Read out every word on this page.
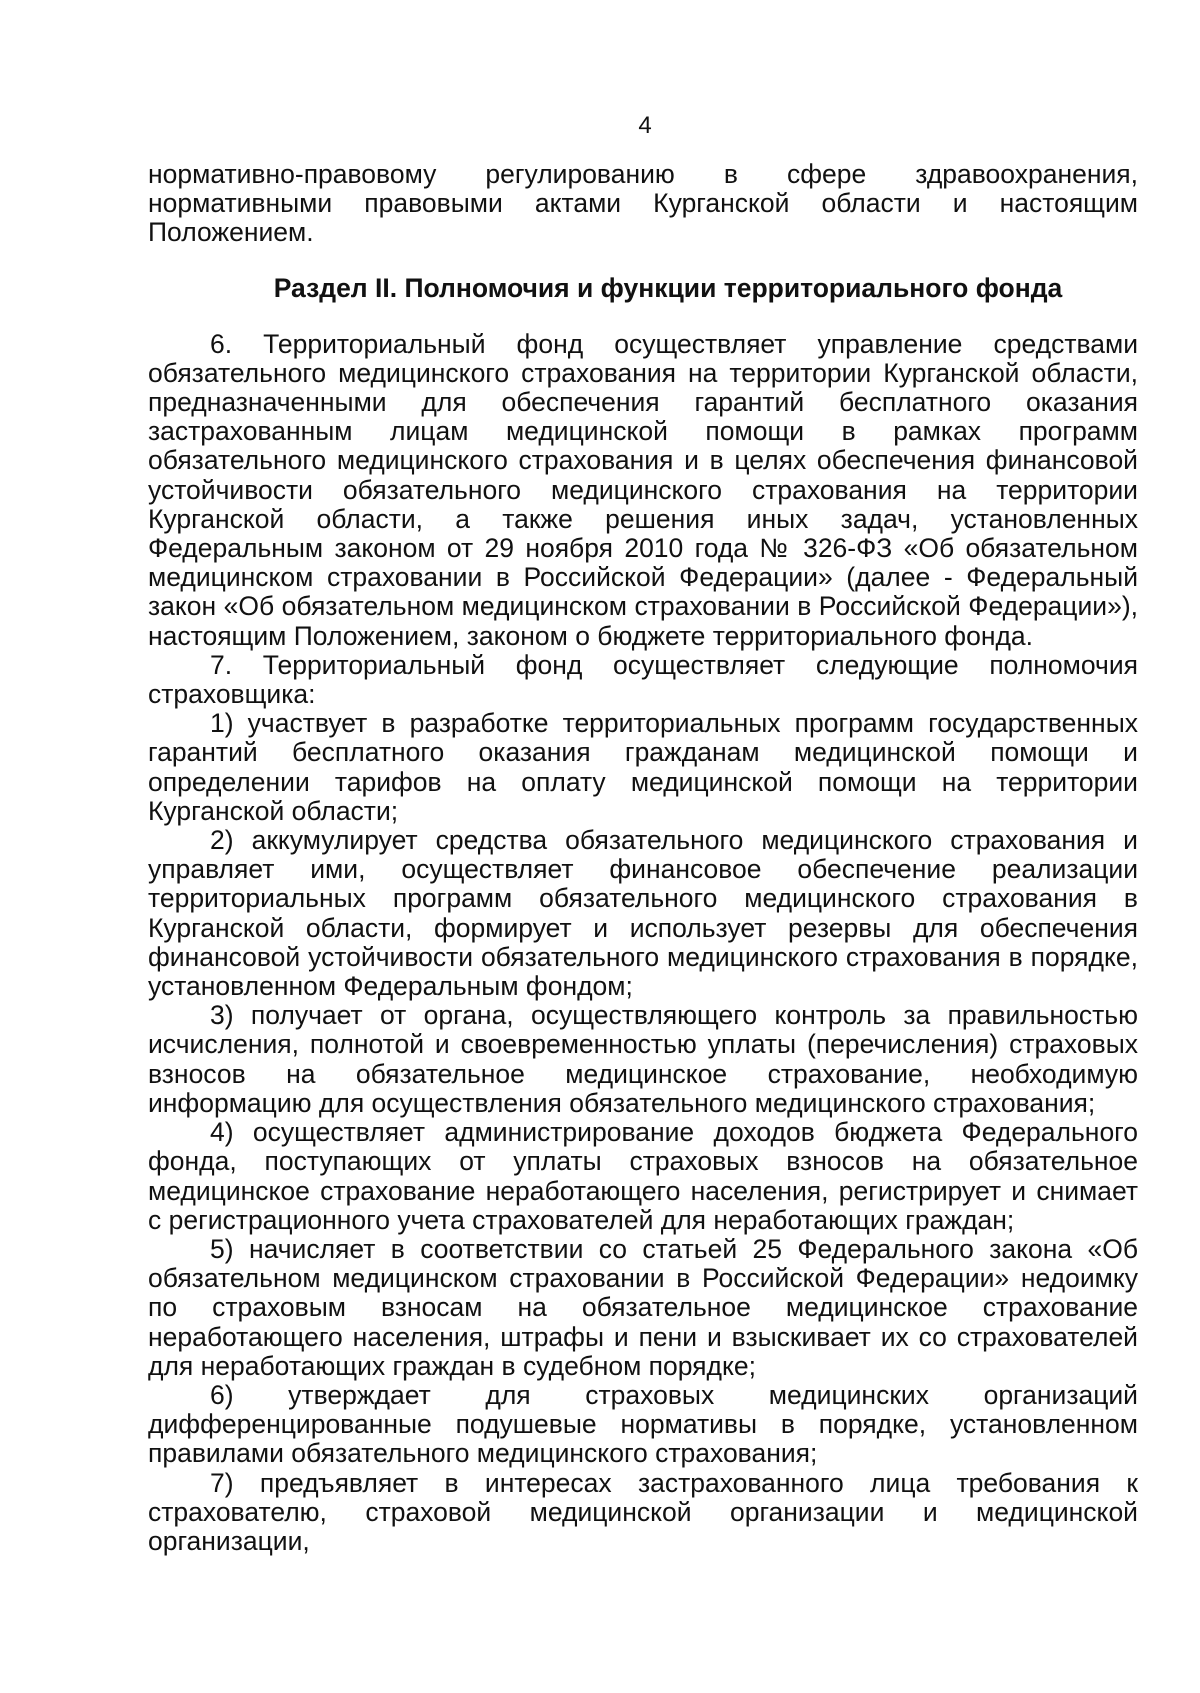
4

нормативно-правовому регулированию в сфере здравоохранения, нормативными правовыми актами Курганской области и настоящим Положением.

Раздел II. Полномочия и функции территориального фонда

6. Территориальный фонд осуществляет управление средствами обязательного медицинского страхования на территории Курганской области, предназначенными для обеспечения гарантий бесплатного оказания застрахованным лицам медицинской помощи в рамках программ обязательного медицинского страхования и в целях обеспечения финансовой устойчивости обязательного медицинского страхования на территории Курганской области, а также решения иных задач, установленных Федеральным законом от 29 ноября 2010 года № 326-ФЗ «Об обязательном медицинском страховании в Российской Федерации» (далее - Федеральный закон «Об обязательном медицинском страховании в Российской Федерации»), настоящим Положением, законом о бюджете территориального фонда.

7. Территориальный фонд осуществляет следующие полномочия страховщика:

1) участвует в разработке территориальных программ государственных гарантий бесплатного оказания гражданам медицинской помощи и определении тарифов на оплату медицинской помощи на территории Курганской области;

2) аккумулирует средства обязательного медицинского страхования и управляет ими, осуществляет финансовое обеспечение реализации территориальных программ обязательного медицинского страхования в Курганской области, формирует и использует резервы для обеспечения финансовой устойчивости обязательного медицинского страхования в порядке, установленном Федеральным фондом;

3) получает от органа, осуществляющего контроль за правильностью исчисления, полнотой и своевременностью уплаты (перечисления) страховых взносов на обязательное медицинское страхование, необходимую информацию для осуществления обязательного медицинского страхования;

4) осуществляет администрирование доходов бюджета Федерального фонда, поступающих от уплаты страховых взносов на обязательное медицинское страхование неработающего населения, регистрирует и снимает с регистрационного учета страхователей для неработающих граждан;

5) начисляет в соответствии со статьей 25 Федерального закона «Об обязательном медицинском страховании в Российской Федерации» недоимку по страховым взносам на обязательное медицинское страхование неработающего населения, штрафы и пени и взыскивает их со страхователей для неработающих граждан в судебном порядке;

6) утверждает для страховых медицинских организаций дифференцированные подушевые нормативы в порядке, установленном правилами обязательного медицинского страхования;

7) предъявляет в интересах застрахованного лица требования к страхователю, страховой медицинской организации и медицинской организации,
